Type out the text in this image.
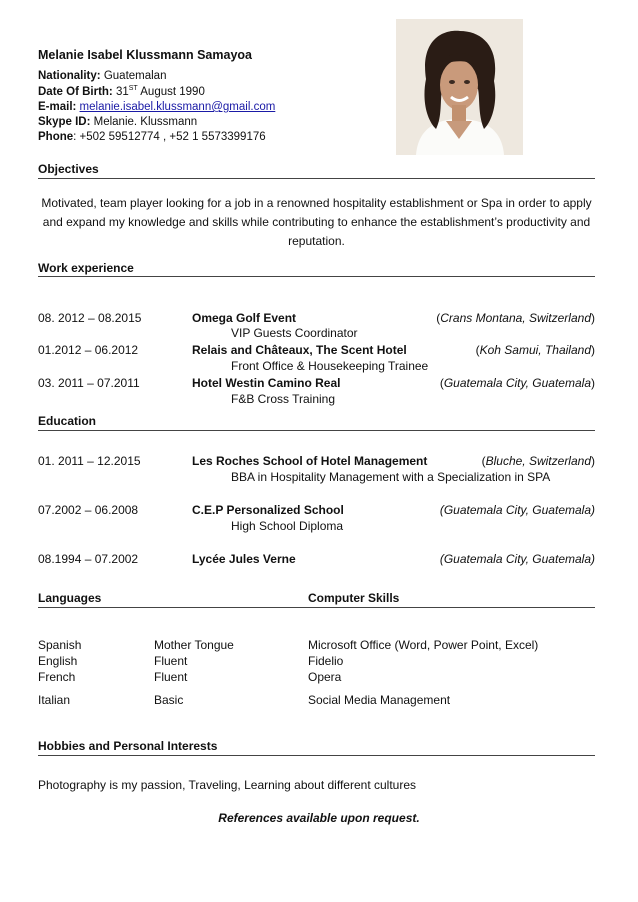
Melanie Isabel Klussmann Samayoa
Nationality: Guatemalan
Date Of Birth: 31ST August 1990
E-mail: melanie.isabel.klussmann@gmail.com
Skype ID: Melanie. Klussmann
Phone: +502 59512774 , +52 1 5573399176
Objectives
Motivated, team player looking for a job in a renowned hospitality establishment or Spa in order to apply and expand my knowledge and skills while contributing to enhance the establishment’s productivity and reputation.
Work experience
08. 2012 – 08.2015	Omega Golf Event	(Crans Montana, Switzerland)
VIP Guests Coordinator
01.2012 – 06.2012	Relais and Châteaux, The Scent Hotel	(Koh Samui, Thailand)
Front Office & Housekeeping Trainee
03. 2011 – 07.2011	Hotel Westin Camino Real	(Guatemala City, Guatemala)
F&B Cross Training
Education
01. 2011 – 12.2015	Les Roches School of Hotel Management	(Bluche, Switzerland)
BBA in Hospitality Management with a Specialization in SPA
07.2002 – 06.2008	C.E.P Personalized School	(Guatemala City, Guatemala)
High School Diploma
08.1994 – 07.2002	Lycée Jules Verne	(Guatemala City, Guatemala)
Languages	Computer Skills
Spanish	Mother Tongue	Microsoft Office (Word, Power Point, Excel)
English	Fluent	Fidelio
French	Fluent	Opera
Italian	Basic	Social Media Management
Hobbies and Personal Interests
Photography is my passion, Traveling, Learning about different cultures
References available upon request.
